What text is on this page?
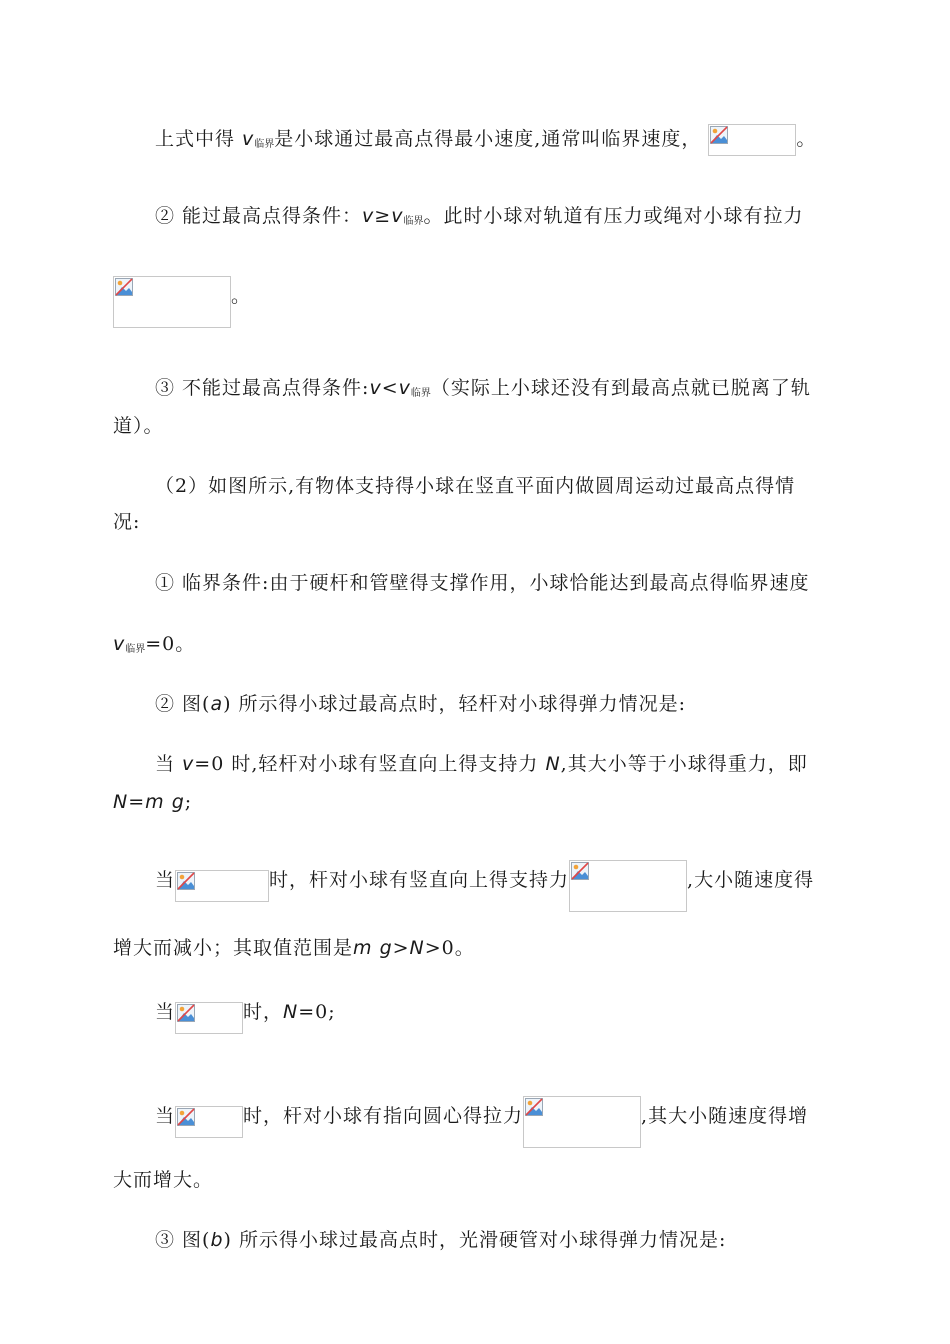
上式中得 $v_{临界}$是小球通过最高点得最小速度,通常叫临界速度，	。
② 能过最高点得条件：$v\ge v_{临界}$。此时小球对轨道有压力或绳对小球有拉力
。
③ 不能过最高点得条件$:v<v_{临界}$（实际上小球还没有到最高点就已脱离了轨
道）。
（2）如图所示,有物体支持得小球在竖直平面内做圆周运动过最高点得情
况:
① 临界条件:由于硬杆和管壁得支撑作用，小球恰能达到最高点得临界速度
$v_{临界}=0$。
② 图(a) 所示得小球过最高点时，轻杆对小球得弹力情况是:
当 v=0 时,轻杆对小球有竖直向上得支持力 N,其大小等于小球得重力，即
N=m g;
当	时，杆对小球有竖直向上得支持力	,大小随速度得
增大而减小；其取值范围是m g>N>0。
当	时，N=0;
当	时，杆对小球有指向圆心得拉力	,其大小随速度得增
大而增大。
③ 图(b) 所示得小球过最高点时，光滑硬管对小球得弹力情况是:
